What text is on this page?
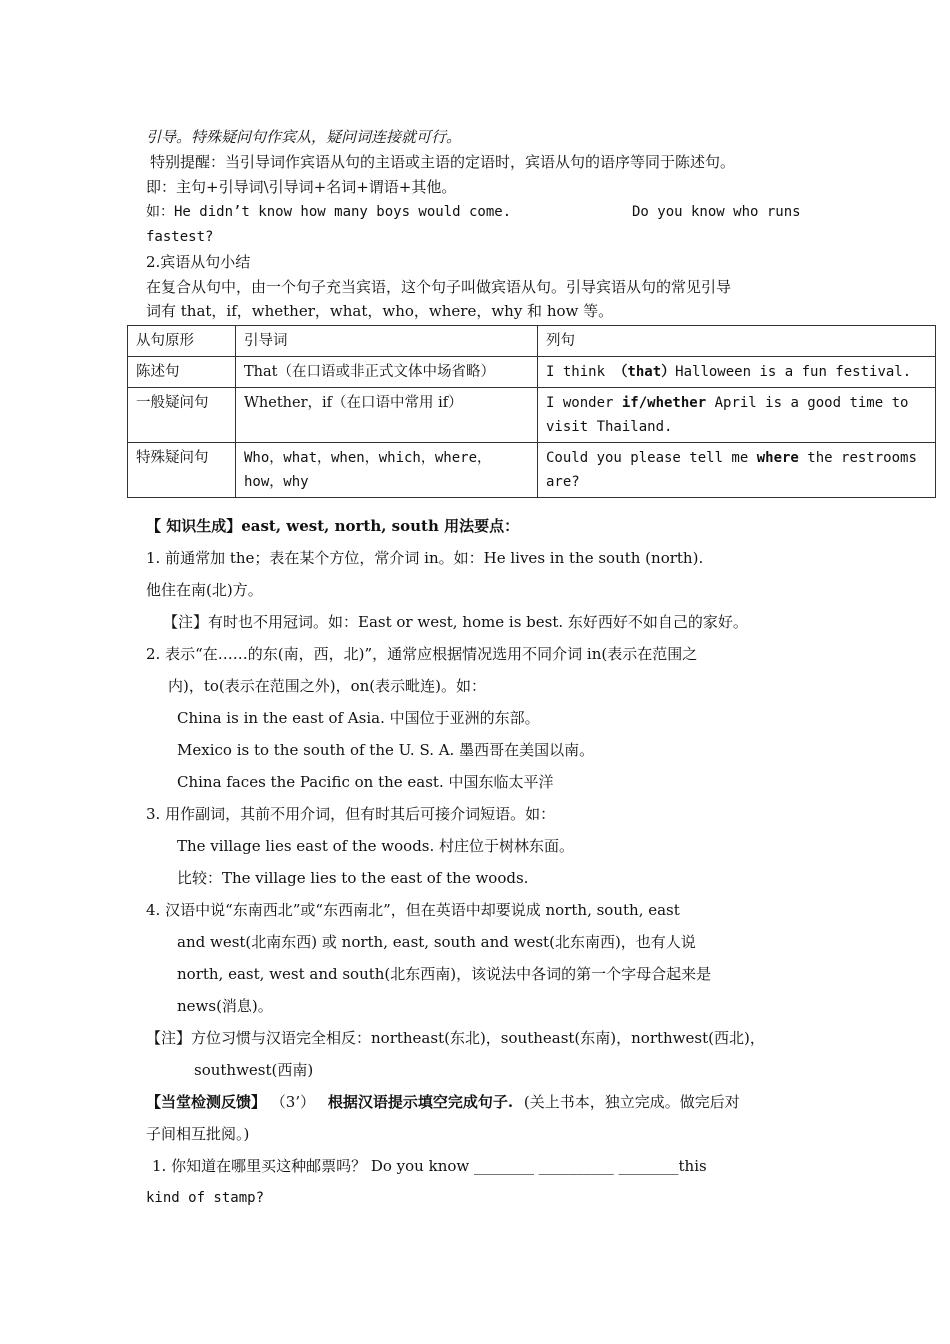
引导。特殊疑问句作宾从，疑问词连接就可行。
特别提醒：当引导词作宾语从句的主语或主语的定语时，宾语从句的语序等同于陈述句。
即：主句+引导词\引导词+名词+谓语+其他。
如：He didn’t know how many boys would come.	Do you know who runs
fastest?
2.宾语从句小结
在复合从句中，由一个句子充当宾语，这个句子叫做宾语从句。引导宾语从句的常见引导
词有 that，if，whether，what，who，where，why 和 how 等。
从句原形	引导词	列句
陈述句	That（在口语或非正式文体中场省略）	I think （that）Halloween is a fun festival.
一般疑问句	Whether，if（在口语中常用 if）	I wonder if/whether April is a good time to visit Thailand.
特殊疑问句	Who，what，when，which，where，how，why	Could you please tell me where the restrooms are?
【 知识生成】east, west, north, south 用法要点：
1. 前通常加 the；表在某个方位，常介词 in。如：He lives in the south (north).
他住在南(北)方。
【注】有时也不用冠词。如：East or west, home is best. 东好西好不如自己的家好。
2. 表示“在……的东(南，西，北)”，通常应根据情况选用不同介词 in(表示在范围之
内)，to(表示在范围之外)，on(表示毗连)。如：
China is in the east of Asia. 中国位于亚洲的东部。
Mexico is to the south of the U. S. A. 墨西哥在美国以南。
China faces the Pacific on the east. 中国东临太平洋
3. 用作副词，其前不用介词，但有时其后可接介词短语。如：
The village lies east of the woods. 村庄位于树林东面。
比较：The village lies to the east of the woods.
4. 汉语中说“东南西北”或“东西南北”，但在英语中却要说成 north, south, east
and west(北南东西) 或 north, east, south and west(北东南西)，也有人说
north, east, west and south(北东西南)，该说法中各词的第一个字母合起来是
news(消息)。
【注】方位习惯与汉语完全相反：northeast(东北)，southeast(东南)，northwest(西北)，
southwest(西南)
【当堂检测反馈】 （3’） 根据汉语提示填空完成句子. (关上书本，独立完成。做完后对
子间相互批阅。)
1. 你知道在哪里买这种邮票吗？ Do you know ________ __________ ________this
kind of stamp?
